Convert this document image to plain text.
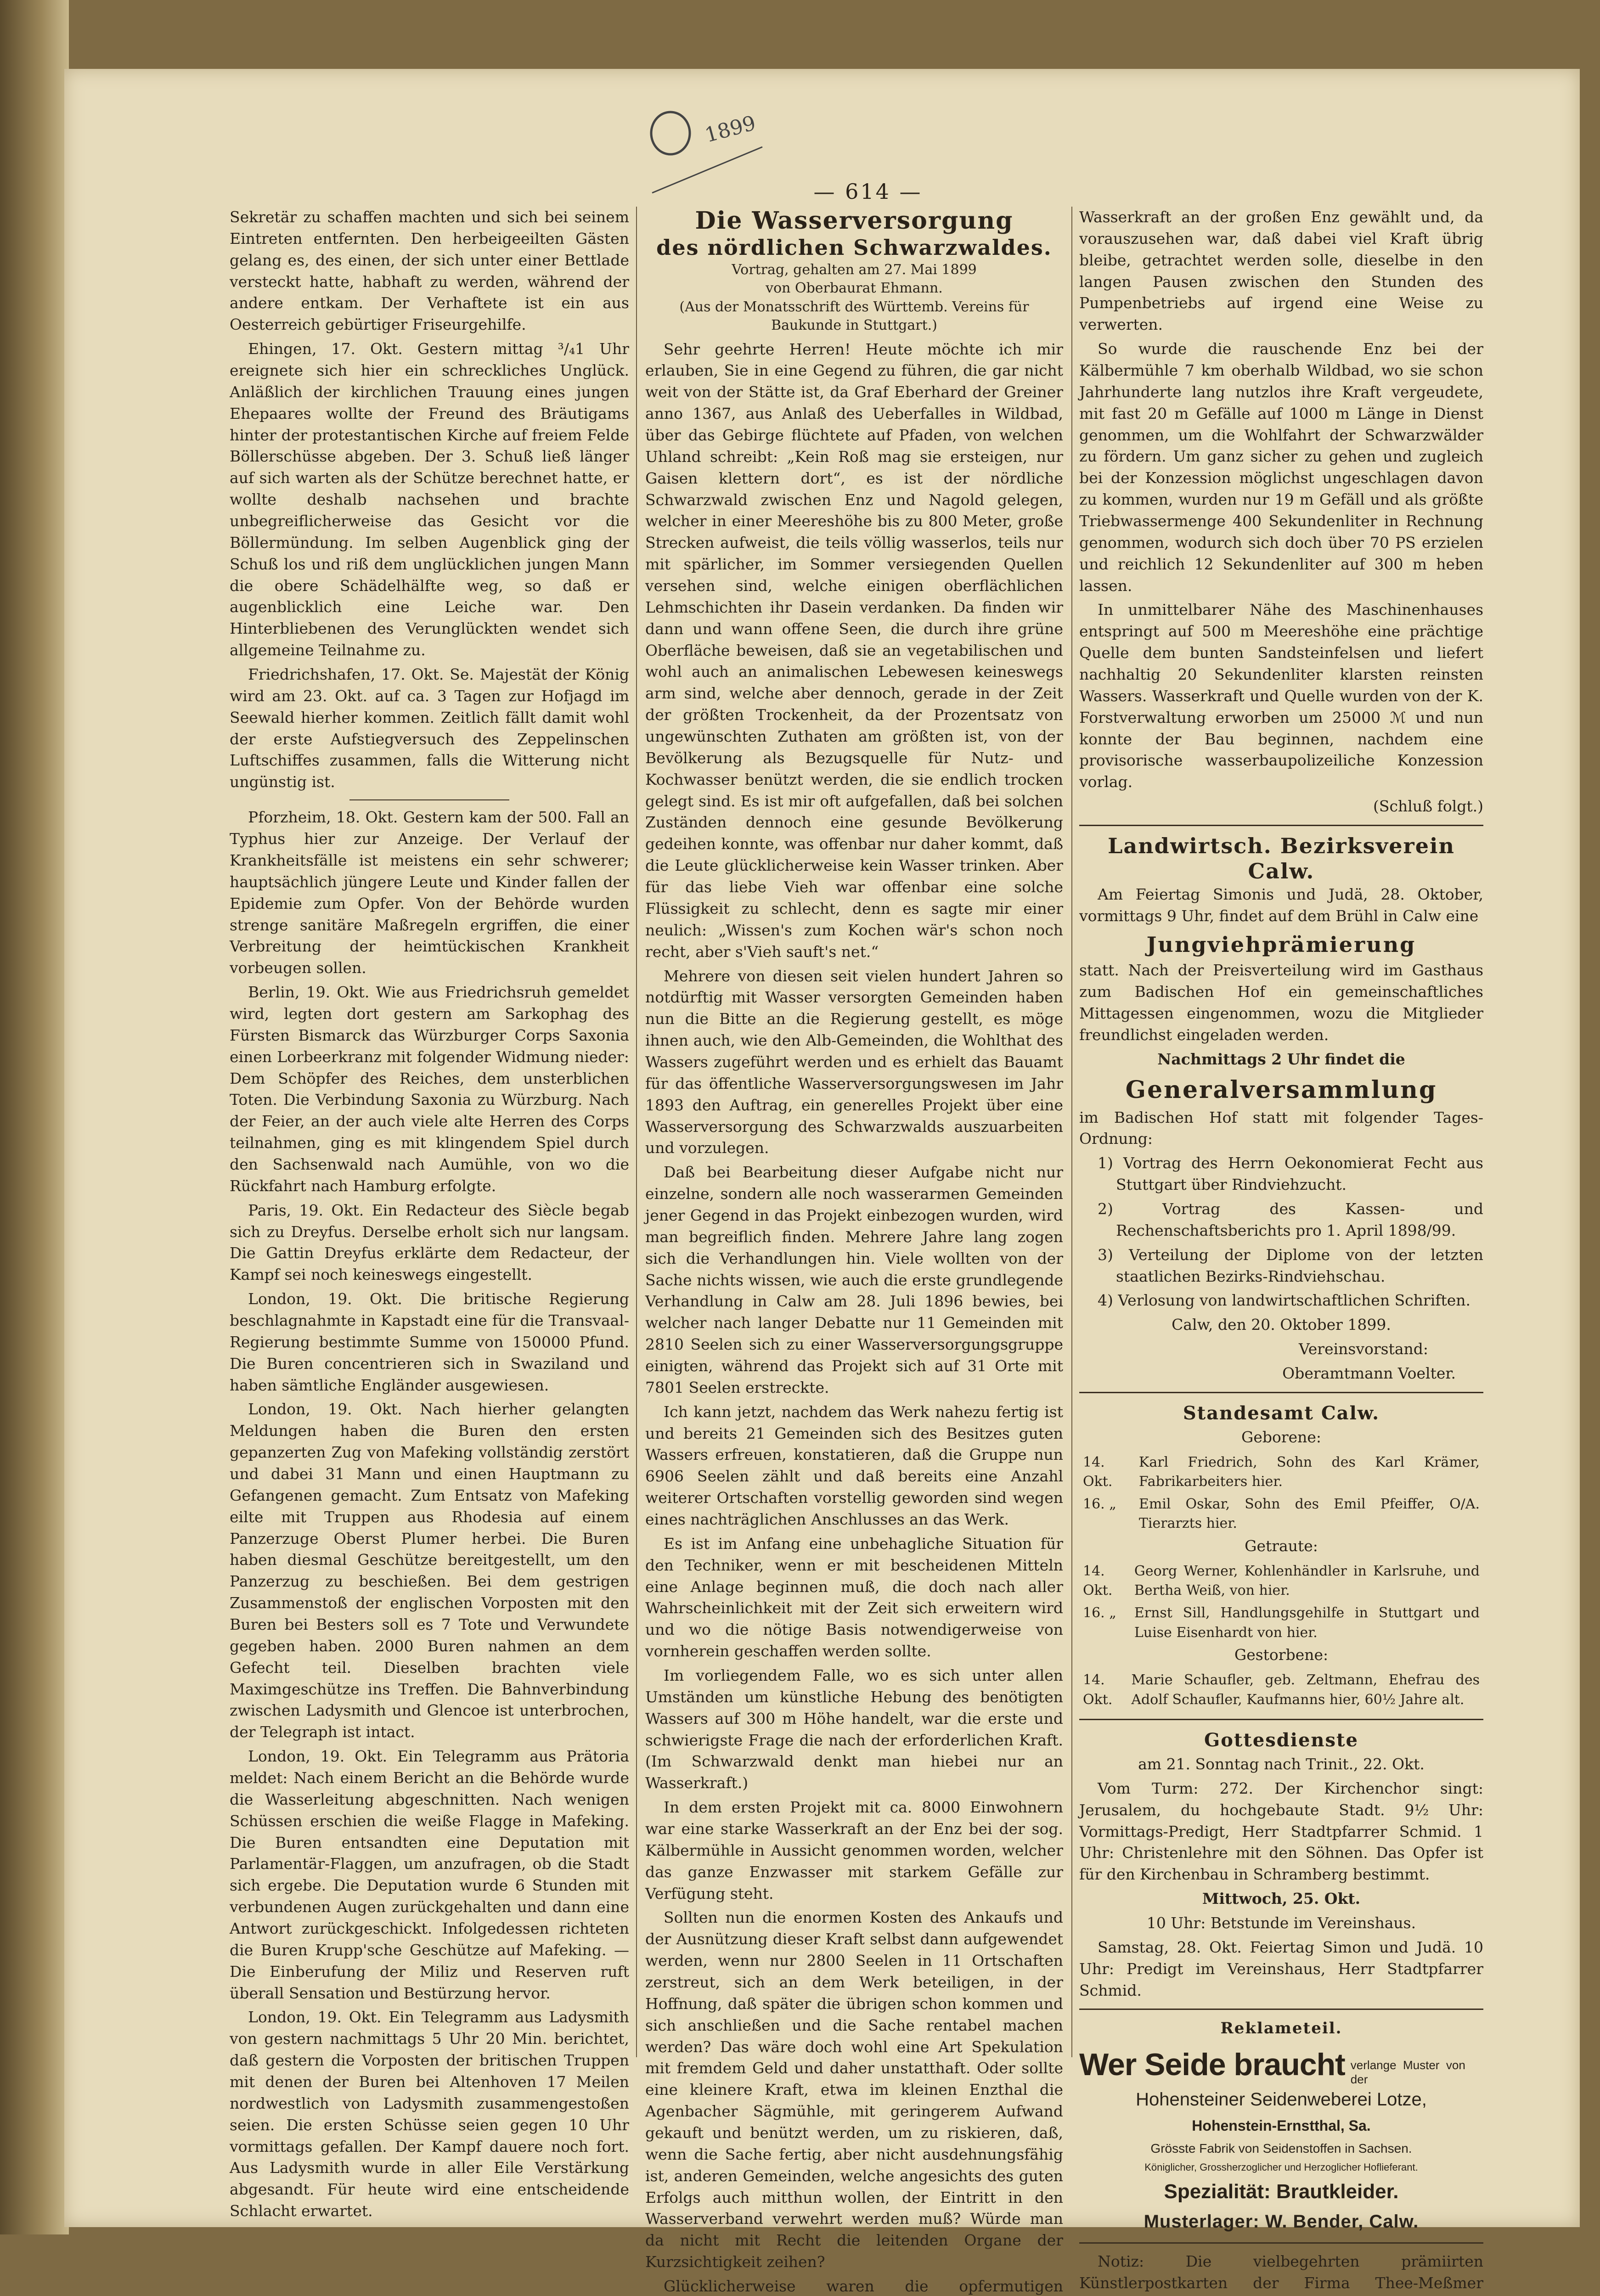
1899
— 614 —

Sekretär zu schaffen machten und sich bei seinem Eintreten entfernten. Den herbeigeeilten Gästen gelang es, des einen, der sich unter einer Bettlade versteckt hatte, habhaft zu werden, während der andere entkam. Der Verhaftete ist ein aus Oesterreich gebürtiger Friseurgehilfe.

Ehingen, 17. Okt. Gestern mittag ³/₄1 Uhr ereignete sich hier ein schreckliches Unglück. Anläßlich der kirchlichen Trauung eines jungen Ehepaares wollte der Freund des Bräutigams hinter der protestantischen Kirche auf freiem Felde Böllerschüsse abgeben. Der 3. Schuß ließ länger auf sich warten als der Schütze berechnet hatte, er wollte deshalb nachsehen und brachte unbegreiflicherweise das Gesicht vor die Böllermündung. Im selben Augenblick ging der Schuß los und riß dem unglücklichen jungen Mann die obere Schädelhälfte weg, so daß er augenblicklich eine Leiche war. Den Hinterbliebenen des Verunglückten wendet sich allgemeine Teilnahme zu.

Friedrichshafen, 17. Okt. Se. Majestät der König wird am 23. Okt. auf ca. 3 Tagen zur Hofjagd im Seewald hierher kommen. Zeitlich fällt damit wohl der erste Aufstiegversuch des Zeppelinschen Luftschiffes zusammen, falls die Witterung nicht ungünstig ist.

Pforzheim, 18. Okt. Gestern kam der 500. Fall an Typhus hier zur Anzeige. Der Verlauf der Krankheitsfälle ist meistens ein sehr schwerer; hauptsächlich jüngere Leute und Kinder fallen der Epidemie zum Opfer. Von der Behörde wurden strenge sanitäre Maßregeln ergriffen, die einer Verbreitung der heimtückischen Krankheit vorbeugen sollen.

Berlin, 19. Okt. Wie aus Friedrichsruh gemeldet wird, legten dort gestern am Sarkophag des Fürsten Bismarck das Würzburger Corps Saxonia einen Lorbeerkranz mit folgender Widmung nieder: Dem Schöpfer des Reiches, dem unsterblichen Toten. Die Verbindung Saxonia zu Würzburg. Nach der Feier, an der auch viele alte Herren des Corps teilnahmen, ging es mit klingendem Spiel durch den Sachsenwald nach Aumühle, von wo die Rückfahrt nach Hamburg erfolgte.

Paris, 19. Okt. Ein Redacteur des Siècle begab sich zu Dreyfus. Derselbe erholt sich nur langsam. Die Gattin Dreyfus erklärte dem Redacteur, der Kampf sei noch keineswegs eingestellt.

London, 19. Okt. Die britische Regierung beschlagnahmte in Kapstadt eine für die Transvaal-Regierung bestimmte Summe von 150000 Pfund. Die Buren concentrieren sich in Swaziland und haben sämtliche Engländer ausgewiesen.

London, 19. Okt. Nach hierher gelangten Meldungen haben die Buren den ersten gepanzerten Zug von Mafeking vollständig zerstört und dabei 31 Mann und einen Hauptmann zu Gefangenen gemacht. Zum Entsatz von Mafeking eilte mit Truppen aus Rhodesia auf einem Panzerzuge Oberst Plumer herbei. Die Buren haben diesmal Geschütze bereitgestellt, um den Panzerzug zu beschießen. Bei dem gestrigen Zusammenstoß der englischen Vorposten mit den Buren bei Besters soll es 7 Tote und Verwundete gegeben haben. 2000 Buren nahmen an dem Gefecht teil. Dieselben brachten viele Maximgeschütze ins Treffen. Die Bahnverbindung zwischen Ladysmith und Glencoe ist unterbrochen, der Telegraph ist intact.

London, 19. Okt. Ein Telegramm aus Prätoria meldet: Nach einem Bericht an die Behörde wurde die Wasserleitung abgeschnitten. Nach wenigen Schüssen erschien die weiße Flagge in Mafeking. Die Buren entsandten eine Deputation mit Parlamentär-Flaggen, um anzufragen, ob die Stadt sich ergebe. Die Deputation wurde 6 Stunden mit verbundenen Augen zurückgehalten und dann eine Antwort zurückgeschickt. Infolgedessen richteten die Buren Krupp'sche Geschütze auf Mafeking. — Die Einberufung der Miliz und Reserven ruft überall Sensation und Bestürzung hervor.

London, 19. Okt. Ein Telegramm aus Ladysmith von gestern nachmittags 5 Uhr 20 Min. berichtet, daß gestern die Vorposten der britischen Truppen mit denen der Buren bei Altenhoven 17 Meilen nordwestlich von Ladysmith zusammengestoßen seien. Die ersten Schüsse seien gegen 10 Uhr vormittags gefallen. Der Kampf dauere noch fort. Aus Ladysmith wurde in aller Eile Verstärkung abgesandt. Für heute wird eine entscheidende Schlacht erwartet.

Die Wasserversorgung
des nördlichen Schwarzwaldes.
Vortrag, gehalten am 27. Mai 1899
von Oberbaurat Ehmann.
(Aus der Monatsschrift des Württemb. Vereins für Baukunde in Stuttgart.)

Sehr geehrte Herren! Heute möchte ich mir erlauben, Sie in eine Gegend zu führen, die gar nicht weit von der Stätte ist, da Graf Eberhard der Greiner anno 1367, aus Anlaß des Ueberfalles in Wildbad, über das Gebirge flüchtete auf Pfaden, von welchen Uhland schreibt: „Kein Roß mag sie ersteigen, nur Gaisen klettern dort“, es ist der nördliche Schwarzwald zwischen Enz und Nagold gelegen, welcher in einer Meereshöhe bis zu 800 Meter, große Strecken aufweist, die teils völlig wasserlos, teils nur mit spärlicher, im Sommer versiegenden Quellen versehen sind, welche einigen oberflächlichen Lehmschichten ihr Dasein verdanken. Da finden wir dann und wann offene Seen, die durch ihre grüne Oberfläche beweisen, daß sie an vegetabilischen und wohl auch an animalischen Lebewesen keineswegs arm sind, welche aber dennoch, gerade in der Zeit der größten Trockenheit, da der Prozentsatz von ungewünschten Zuthaten am größten ist, von der Bevölkerung als Bezugsquelle für Nutz- und Kochwasser benützt werden, die sie endlich trocken gelegt sind. Es ist mir oft aufgefallen, daß bei solchen Zuständen dennoch eine gesunde Bevölkerung gedeihen konnte, was offenbar nur daher kommt, daß die Leute glücklicherweise kein Wasser trinken. Aber für das liebe Vieh war offenbar eine solche Flüssigkeit zu schlecht, denn es sagte mir einer neulich: „Wissen's zum Kochen wär's schon noch recht, aber s'Vieh sauft's net.“

Mehrere von diesen seit vielen hundert Jahren so notdürftig mit Wasser versorgten Gemeinden haben nun die Bitte an die Regierung gestellt, es möge ihnen auch, wie den Alb-Gemeinden, die Wohlthat des Wassers zugeführt werden und es erhielt das Bauamt für das öffentliche Wasserversorgungswesen im Jahr 1893 den Auftrag, ein generelles Projekt über eine Wasserversorgung des Schwarzwalds auszuarbeiten und vorzulegen.

Daß bei Bearbeitung dieser Aufgabe nicht nur einzelne, sondern alle noch wasserarmen Gemeinden jener Gegend in das Projekt einbezogen wurden, wird man begreiflich finden. Mehrere Jahre lang zogen sich die Verhandlungen hin. Viele wollten von der Sache nichts wissen, wie auch die erste grundlegende Verhandlung in Calw am 28. Juli 1896 bewies, bei welcher nach langer Debatte nur 11 Gemeinden mit 2810 Seelen sich zu einer Wasserversorgungsgruppe einigten, während das Projekt sich auf 31 Orte mit 7801 Seelen erstreckte.

Ich kann jetzt, nachdem das Werk nahezu fertig ist und bereits 21 Gemeinden sich des Besitzes guten Wassers erfreuen, konstatieren, daß die Gruppe nun 6906 Seelen zählt und daß bereits eine Anzahl weiterer Ortschaften vorstellig geworden sind wegen eines nachträglichen Anschlusses an das Werk.

Es ist im Anfang eine unbehagliche Situation für den Techniker, wenn er mit bescheidenen Mitteln eine Anlage beginnen muß, die doch nach aller Wahrscheinlichkeit mit der Zeit sich erweitern wird und wo die nötige Basis notwendigerweise von vornherein geschaffen werden sollte.

Im vorliegendem Falle, wo es sich unter allen Umständen um künstliche Hebung des benötigten Wassers auf 300 m Höhe handelt, war die erste und schwierigste Frage die nach der erforderlichen Kraft. (Im Schwarzwald denkt man hiebei nur an Wasserkraft.)

In dem ersten Projekt mit ca. 8000 Einwohnern war eine starke Wasserkraft an der Enz bei der sog. Kälbermühle in Aussicht genommen worden, welcher das ganze Enzwasser mit starkem Gefälle zur Verfügung steht.

Sollten nun die enormen Kosten des Ankaufs und der Ausnützung dieser Kraft selbst dann aufgewendet werden, wenn nur 2800 Seelen in 11 Ortschaften zerstreut, sich an dem Werk beteiligen, in der Hoffnung, daß später die übrigen schon kommen und sich anschließen und die Sache rentabel machen werden? Das wäre doch wohl eine Art Spekulation mit fremdem Geld und daher unstatthaft. Oder sollte eine kleinere Kraft, etwa im kleinen Enzthal die Agenbacher Sägmühle, mit geringerem Aufwand gekauft und benützt werden, um zu riskieren, daß, wenn die Sache fertig, aber nicht ausdehnungsfähig ist, anderen Gemeinden, welche angesichts des guten Erfolgs auch mitthun wollen, der Eintritt in den Wasserverband verwehrt werden muß? Würde man da nicht mit Recht die leitenden Organe der Kurzsichtigkeit zeihen?

Glücklicherweise waren die opfermutigen

Wasserkraft an der großen Enz gewählt und, da vorauszusehen war, daß dabei viel Kraft übrig bleibe, getrachtet werden solle, dieselbe in den langen Pausen zwischen den Stunden des Pumpenbetriebs auf irgend eine Weise zu verwerten.

So wurde die rauschende Enz bei der Kälbermühle 7 km oberhalb Wildbad, wo sie schon Jahrhunderte lang nutzlos ihre Kraft vergeudete, mit fast 20 m Gefälle auf 1000 m Länge in Dienst genommen, um die Wohlfahrt der Schwarzwälder zu fördern. Um ganz sicher zu gehen und zugleich bei der Konzession möglichst ungeschlagen davon zu kommen, wurden nur 19 m Gefäll und als größte Triebwassermenge 400 Sekundenliter in Rechnung genommen, wodurch sich doch über 70 PS erzielen und reichlich 12 Sekundenliter auf 300 m heben lassen.

In unmittelbarer Nähe des Maschinenhauses entspringt auf 500 m Meereshöhe eine prächtige Quelle dem bunten Sandsteinfelsen und liefert nachhaltig 20 Sekundenliter klarsten reinsten Wassers. Wasserkraft und Quelle wurden von der K. Forstverwaltung erworben um 25000 ℳ und nun konnte der Bau beginnen, nachdem eine provisorische wasserbaupolizeiliche Konzession vorlag.

(Schluß folgt.)

Landwirtsch. Bezirksverein Calw.

Am Feiertag Simonis und Judä, 28. Oktober, vormittags 9 Uhr, findet auf dem Brühl in Calw eine

Jungviehprämierung

statt. Nach der Preisverteilung wird im Gasthaus zum Badischen Hof ein gemeinschaftliches Mittagessen eingenommen, wozu die Mitglieder freundlichst eingeladen werden.

Nachmittags 2 Uhr findet die

Generalversammlung

im Badischen Hof statt mit folgender Tages-Ordnung:

1) Vortrag des Herrn Oekonomierat Fecht aus Stuttgart über Rindviehzucht.

2) Vortrag des Kassen- und Rechenschaftsberichts pro 1. April 1898/99.

3) Verteilung der Diplome von der letzten staatlichen Bezirks-Rindviehschau.

4) Verlosung von landwirtschaftlichen Schriften.

Calw, den 20. Oktober 1899.

Vereinsvorstand:

Oberamtmann Voelter.

Standesamt Calw.

Geborene:

14. Okt.	Karl Friedrich, Sohn des Karl Krämer, Fabrikarbeiters hier.
16. „	Emil Oskar, Sohn des Emil Pfeiffer, O/A. Tierarzts hier.

Getraute:

14. Okt.	Georg Werner, Kohlenhändler in Karlsruhe, und Bertha Weiß, von hier.
16. „	Ernst Sill, Handlungsgehilfe in Stuttgart und Luise Eisenhardt von hier.

Gestorbene:

14. Okt.	Marie Schaufler, geb. Zeltmann, Ehefrau des Adolf Schaufler, Kaufmanns hier, 60½ Jahre alt.
Gottesdienste

am 21. Sonntag nach Trinit., 22. Okt.

Vom Turm: 272. Der Kirchenchor singt: Jerusalem, du hochgebaute Stadt. 9½ Uhr: Vormittags-Predigt, Herr Stadtpfarrer Schmid. 1 Uhr: Christenlehre mit den Söhnen. Das Opfer ist für den Kirchenbau in Schramberg bestimmt.

Mittwoch, 25. Okt.

10 Uhr: Betstunde im Vereinshaus.

Samstag, 28. Okt. Feiertag Simon und Judä. 10 Uhr: Predigt im Vereinshaus, Herr Stadtpfarrer Schmid.

Reklameteil.
Wer Seide braucht verlange Muster von der

Hohensteiner Seidenweberei Lotze,

Hohenstein-Ernstthal, Sa.

Grösste Fabrik von Seidenstoffen in Sachsen.

Königlicher, Grossherzoglicher und Herzoglicher Hoflieferant.

Spezialität: Brautkleider.

Musterlager: W. Bender, Calw.

Notiz: Die vielbegehrten prämiirten Künstlerpostkarten der Firma Thee-Meßmer
